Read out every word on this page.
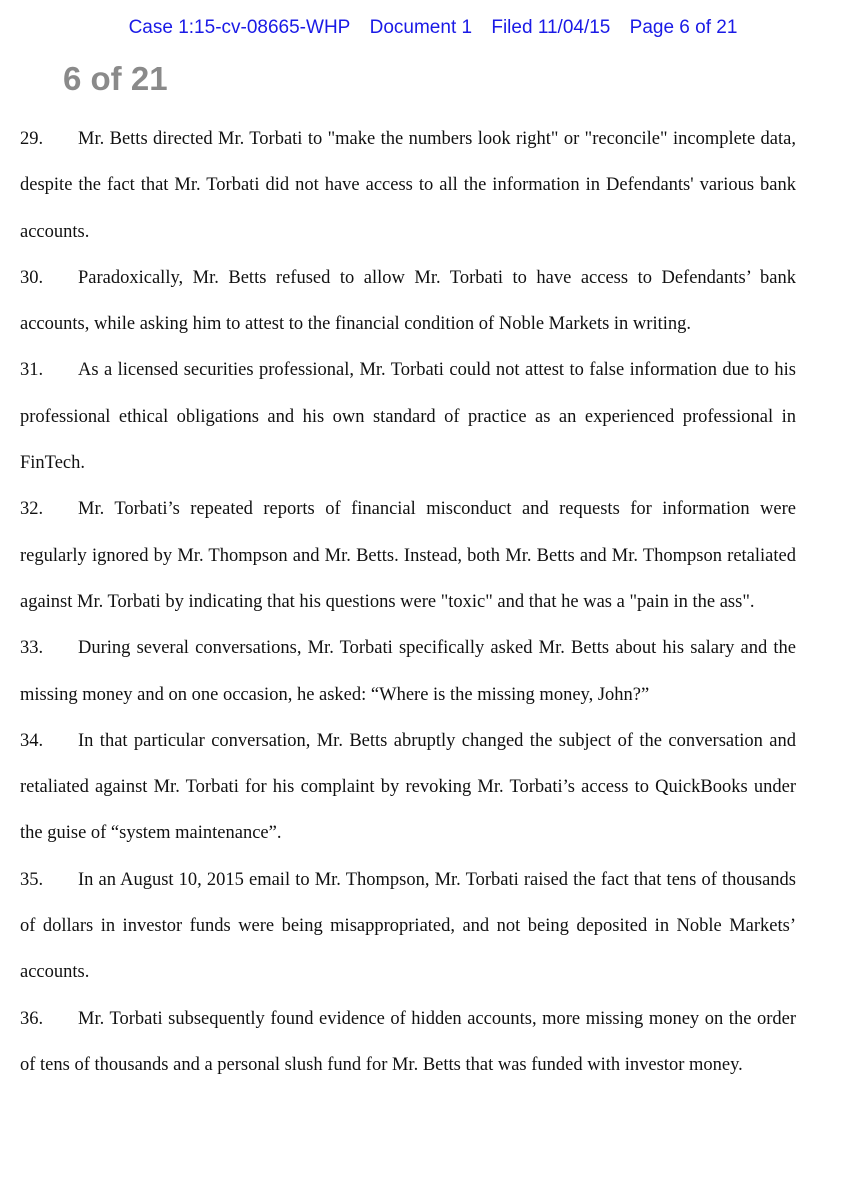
Case 1:15-cv-08665-WHP Document 1 Filed 11/04/15 Page 6 of 21
6 of 21

29. Mr. Betts directed Mr. Torbati to "make the numbers look right" or "reconcile" incomplete data, despite the fact that Mr. Torbati did not have access to all the information in Defendants' various bank accounts.

30. Paradoxically, Mr. Betts refused to allow Mr. Torbati to have access to Defendants’ bank accounts, while asking him to attest to the financial condition of Noble Markets in writing.

31. As a licensed securities professional, Mr. Torbati could not attest to false information due to his professional ethical obligations and his own standard of practice as an experienced professional in FinTech.

32. Mr. Torbati’s repeated reports of financial misconduct and requests for information were regularly ignored by Mr. Thompson and Mr. Betts. Instead, both Mr. Betts and Mr. Thompson retaliated against Mr. Torbati by indicating that his questions were "toxic" and that he was a "pain in the ass".

33. During several conversations, Mr. Torbati specifically asked Mr. Betts about his salary and the missing money and on one occasion, he asked: “Where is the missing money, John?”

34. In that particular conversation, Mr. Betts abruptly changed the subject of the conversation and retaliated against Mr. Torbati for his complaint by revoking Mr. Torbati’s access to QuickBooks under the guise of “system maintenance”.

35. In an August 10, 2015 email to Mr. Thompson, Mr. Torbati raised the fact that tens of thousands of dollars in investor funds were being misappropriated, and not being deposited in Noble Markets’ accounts.

36. Mr. Torbati subsequently found evidence of hidden accounts, more missing money on the order of tens of thousands and a personal slush fund for Mr. Betts that was funded with investor money.
